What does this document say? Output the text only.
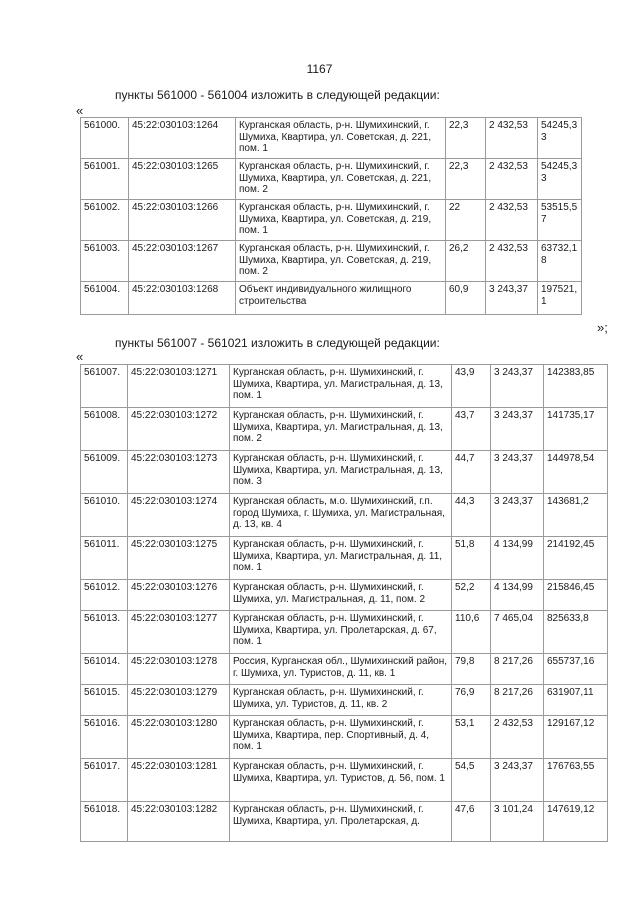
1167
пункты 561000 - 561004 изложить в следующей редакции:
«
561000.	45:22:030103:1264	Курганская область, р-н. Шумихинский, г. Шумиха, Квартира, ул. Советская, д. 221, пом. 1	22,3	2 432,53	54245,33
561001.	45:22:030103:1265	Курганская область, р-н. Шумихинский, г. Шумиха, Квартира, ул. Советская, д. 221, пом. 2	22,3	2 432,53	54245,33
561002.	45:22:030103:1266	Курганская область, р-н. Шумихинский, г. Шумиха, Квартира, ул. Советская, д. 219, пом. 1	22	2 432,53	53515,57
561003.	45:22:030103:1267	Курганская область, р-н. Шумихинский, г. Шумиха, Квартира, ул. Советская, д. 219, пом. 2	26,2	2 432,53	63732,18
561004.	45:22:030103:1268	Объект индивидуального жилищного строительства	60,9	3 243,37	197521,1
»;
пункты 561007 - 561021 изложить в следующей редакции:
«
561007.	45:22:030103:1271	Курганская область, р-н. Шумихинский, г. Шумиха, Квартира, ул. Магистральная, д. 13, пом. 1	43,9	3 243,37	142383,85
561008.	45:22:030103:1272	Курганская область, р-н. Шумихинский, г. Шумиха, Квартира, ул. Магистральная, д. 13, пом. 2	43,7	3 243,37	141735,17
561009.	45:22:030103:1273	Курганская область, р-н. Шумихинский, г. Шумиха, Квартира, ул. Магистральная, д. 13, пом. 3	44,7	3 243,37	144978,54
561010.	45:22:030103:1274	Курганская область, м.о. Шумихинский, г.п. город Шумиха, г. Шумиха, ул. Магистральная, д. 13, кв. 4	44,3	3 243,37	143681,2
561011.	45:22:030103:1275	Курганская область, р-н. Шумихинский, г. Шумиха, Квартира, ул. Магистральная, д. 11, пом. 1	51,8	4 134,99	214192,45
561012.	45:22:030103:1276	Курганская область, р-н. Шумихинский, г. Шумиха, ул. Магистральная, д. 11, пом. 2	52,2	4 134,99	215846,45
561013.	45:22:030103:1277	Курганская область, р-н. Шумихинский, г. Шумиха, Квартира, ул. Пролетарская, д. 67, пом. 1	110,6	7 465,04	825633,8
561014.	45:22:030103:1278	Россия, Курганская обл., Шумихинский район, г. Шумиха, ул. Туристов, д. 11, кв. 1	79,8	8 217,26	655737,16
561015.	45:22:030103:1279	Курганская область, р-н. Шумихинский, г. Шумиха, ул. Туристов, д. 11, кв. 2	76,9	8 217,26	631907,11
561016.	45:22:030103:1280	Курганская область, р-н. Шумихинский, г. Шумиха, Квартира, пер. Спортивный, д. 4, пом. 1	53,1	2 432,53	129167,12
561017.	45:22:030103:1281	Курганская область, р-н. Шумихинский, г. Шумиха, Квартира, ул. Туристов, д. 56, пом. 1	54,5	3 243,37	176763,55
561018.	45:22:030103:1282	Курганская область, р-н. Шумихинский, г. Шумиха, Квартира, ул. Пролетарская, д.	47,6	3 101,24	147619,12
